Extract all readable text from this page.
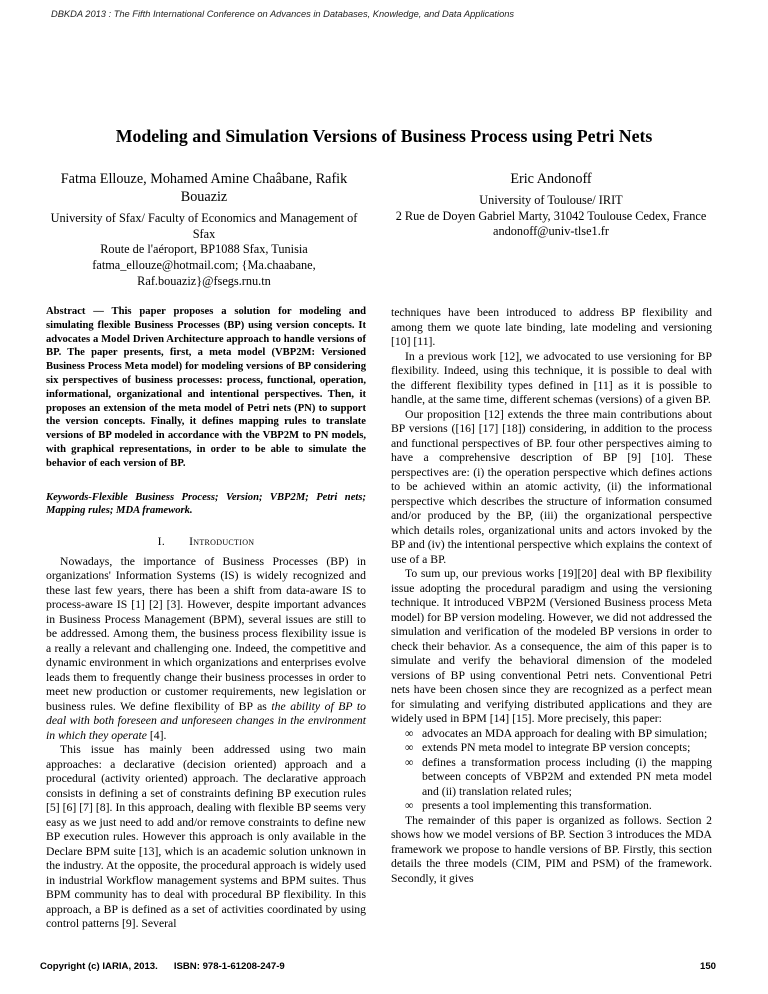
DBKDA 2013 : The Fifth International Conference on Advances in Databases, Knowledge, and Data Applications
Modeling and Simulation Versions of Business Process using Petri Nets
Fatma Ellouze, Mohamed Amine Chaâbane, Rafik Bouaziz
University of Sfax/ Faculty of Economics and Management of Sfax
Route de l'aéroport, BP1088 Sfax, Tunisia
fatma_ellouze@hotmail.com; {Ma.chaabane, Raf.bouaziz}@fsegs.rnu.tn
Eric Andonoff
University of Toulouse/ IRIT
2 Rue de Doyen Gabriel Marty, 31042 Toulouse Cedex, France
andonoff@univ-tlse1.fr

Abstract — This paper proposes a solution for modeling and simulating flexible Business Processes (BP) using version concepts. It advocates a Model Driven Architecture approach to handle versions of BP. The paper presents, first, a meta model (VBP2M: Versioned Business Process Meta model) for modeling versions of BP considering six perspectives of business processes: process, functional, operation, informational, organizational and intentional perspectives. Then, it proposes an extension of the meta model of Petri nets (PN) to support the version concepts. Finally, it defines mapping rules to translate versions of BP modeled in accordance with the VBP2M to PN models, with graphical representations, in order to be able to simulate the behavior of each version of BP.

Keywords-Flexible Business Process; Version; VBP2M; Petri nets; Mapping rules; MDA framework.

I. Introduction

Nowadays, the importance of Business Processes (BP) in organizations' Information Systems (IS) is widely recognized and these last few years, there has been a shift from data-aware IS to process-aware IS [1] [2] [3]. However, despite important advances in Business Process Management (BPM), several issues are still to be addressed. Among them, the business process flexibility issue is a really a relevant and challenging one. Indeed, the competitive and dynamic environment in which organizations and enterprises evolve leads them to frequently change their business processes in order to meet new production or customer requirements, new legislation or business rules. We define flexibility of BP as the ability of BP to deal with both foreseen and unforeseen changes in the environment in which they operate [4].

This issue has mainly been addressed using two main approaches: a declarative (decision oriented) approach and a procedural (activity oriented) approach. The declarative approach consists in defining a set of constraints defining BP execution rules [5] [6] [7] [8]. In this approach, dealing with flexible BP seems very easy as we just need to add and/or remove constraints to define new BP execution rules. However this approach is only available in the Declare BPM suite [13], which is an academic solution unknown in the industry. At the opposite, the procedural approach is widely used in industrial Workflow management systems and BPM suites. Thus BPM community has to deal with procedural BP flexibility. In this approach, a BP is defined as a set of activities coordinated by using control patterns [9]. Several

techniques have been introduced to address BP flexibility and among them we quote late binding, late modeling and versioning [10] [11].

In a previous work [12], we advocated to use versioning for BP flexibility. Indeed, using this technique, it is possible to deal with the different flexibility types defined in [11] as it is possible to handle, at the same time, different schemas (versions) of a given BP.

Our proposition [12] extends the three main contributions about BP versions ([16] [17] [18]) considering, in addition to the process and functional perspectives of BP. four other perspectives aiming to have a comprehensive description of BP [9] [10]. These perspectives are: (i) the operation perspective which defines actions to be achieved within an atomic activity, (ii) the informational perspective which describes the structure of information consumed and/or produced by the BP, (iii) the organizational perspective which details roles, organizational units and actors invoked by the BP and (iv) the intentional perspective which explains the context of use of a BP.

To sum up, our previous works [19][20] deal with BP flexibility issue adopting the procedural paradigm and using the versioning technique. It introduced VBP2M (Versioned Business process Meta model) for BP version modeling. However, we did not addressed the simulation and verification of the modeled BP versions in order to check their behavior. As a consequence, the aim of this paper is to simulate and verify the behavioral dimension of the modeled versions of BP using conventional Petri nets. Conventional Petri nets have been chosen since they are recognized as a perfect mean for simulating and verifying distributed applications and they are widely used in BPM [14] [15]. More precisely, this paper:

∞ advocates an MDA approach for dealing with BP simulation;
∞ extends PN meta model to integrate BP version concepts;
∞ defines a transformation process including (i) the mapping between concepts of VBP2M and extended PN meta model and (ii) translation related rules;
∞ presents a tool implementing this transformation.

The remainder of this paper is organized as follows. Section 2 shows how we model versions of BP. Section 3 introduces the MDA framework we propose to handle versions of BP. Firstly, this section details the three models (CIM, PIM and PSM) of the framework. Secondly, it gives

Copyright (c) IARIA, 2013. ISBN: 978-1-61208-247-9	150
